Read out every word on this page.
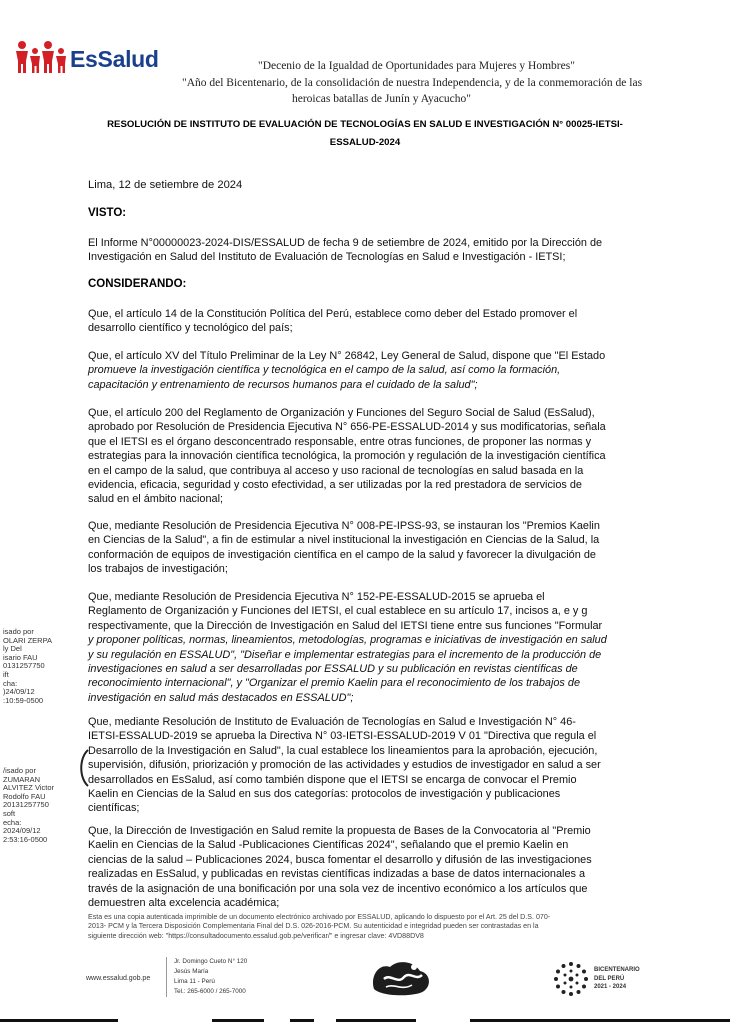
EsSalud	"Decenio de la Igualdad de Oportunidades para Mujeres y Hombres"
"Año del Bicentenario, de la consolidación de nuestra Independencia, y de la conmemoración de las
heroicas batallas de Junín y Ayacucho"
RESOLUCIÓN DE INSTITUTO DE EVALUACIÓN DE TECNOLOGÍAS EN SALUD E INVESTIGACIÓN N° 00025-IETSI-
ESSALUD-2024
Lima, 12 de setiembre de 2024
VISTO:
El Informe N°00000023-2024-DIS/ESSALUD de fecha 9 de setiembre de 2024, emitido por la Dirección de
Investigación en Salud del Instituto de Evaluación de Tecnologías en Salud e Investigación - IETSI;
CONSIDERANDO:
Que, el artículo 14 de la Constitución Política del Perú, establece como deber del Estado promover el
desarrollo científico y tecnológico del país;
Que, el artículo XV del Título Preliminar de la Ley N° 26842, Ley General de Salud, dispone que "El Estado
promueve la investigación científica y tecnológica en el campo de la salud, así como la formación,
capacitación y entrenamiento de recursos humanos para el cuidado de la salud";
Que, el artículo 200 del Reglamento de Organización y Funciones del Seguro Social de Salud (EsSalud),
aprobado por Resolución de Presidencia Ejecutiva N° 656-PE-ESSALUD-2014 y sus modificatorias, señala
que el IETSI es el órgano desconcentrado responsable, entre otras funciones, de proponer las normas y
estrategias para la innovación científica tecnológica, la promoción y regulación de la investigación científica
en el campo de la salud, que contribuya al acceso y uso racional de tecnologías en salud basada en la
evidencia, eficacia, seguridad y costo efectividad, a ser utilizadas por la red prestadora de servicios de
salud en el ámbito nacional;
Que, mediante Resolución de Presidencia Ejecutiva N° 008-PE-IPSS-93, se instauran los "Premios Kaelin
en Ciencias de la Salud", a fin de estimular a nivel institucional la investigación en Ciencias de la Salud, la
conformación de equipos de investigación científica en el campo de la salud y favorecer la divulgación de
los trabajos de investigación;
Que, mediante Resolución de Presidencia Ejecutiva N° 152-PE-ESSALUD-2015 se aprueba el
Reglamento de Organización y Funciones del IETSI, el cual establece en su artículo 17, incisos a, e y g
respectivamente, que la Dirección de Investigación en Salud del IETSI tiene entre sus funciones "Formular
y proponer políticas, normas, lineamientos, metodologías, programas e iniciativas de investigación en salud
y su regulación en ESSALUD", "Diseñar e implementar estrategias para el incremento de la producción de
investigaciones en salud a ser desarrolladas por ESSALUD y su publicación en revistas científicas de
reconocimiento internacional", y "Organizar el premio Kaelin para el reconocimiento de los trabajos de
investigación en salud más destacados en ESSALUD";
Que, mediante Resolución de Instituto de Evaluación de Tecnologías en Salud e Investigación N° 46-
IETSI-ESSALUD-2019 se aprueba la Directiva N° 03-IETSI-ESSALUD-2019 V 01 "Directiva que regula el
Desarrollo de la Investigación en Salud", la cual establece los lineamientos para la aprobación, ejecución,
supervisión, difusión, priorización y promoción de las actividades y estudios de investigador en salud a ser
desarrollados en EsSalud, así como también dispone que el IETSI se encarga de convocar el Premio
Kaelin en Ciencias de la Salud en sus dos categorías: protocolos de investigación y publicaciones
científicas;
Que, la Dirección de Investigación en Salud remite la propuesta de Bases de la Convocatoria al "Premio
Kaelin en Ciencias de la Salud -Publicaciones Científicas 2024", señalando que el premio Kaelin en
ciencias de la salud – Publicaciones 2024, busca fomentar el desarrollo y difusión de las investigaciones
realizadas en EsSalud, y publicadas en revistas científicas indizadas a base de datos internacionales a
través de la asignación de una bonificación por una sola vez de incentivo económico a los artículos que
demuestren alta excelencia académica;
isado por
OLARI ZERPA
ly Del
isario FAU
0131257750
ift
cha:
)24/09/12
:10:59-0500
/isado por
ZUMARAN
ALVITEZ Victor
Rodolfo FAU
20131257750
soft
echa:
2024/09/12
2:53:16-0500
Esta es una copia autenticada imprimible de un documento electrónico archivado por ESSALUD, aplicando lo dispuesto por el Art. 25 del D.S. 070-
2013- PCM y la Tercera Disposición Complementaria Final del D.S. 026-2016-PCM. Su autenticidad e integridad pueden ser contrastadas en la
siguiente dirección web: "https://consultadocumento.essalud.gob.pe/verificar/" e ingresar clave: 4VD88DV8
www.essalud.gob.pe
Jr. Domingo Cueto N° 120
Jesús María
Lima 11 - Perú
Tel.: 265-6000 / 265-7000
BICENTENARIO
DEL PERÚ
2021 - 2024
